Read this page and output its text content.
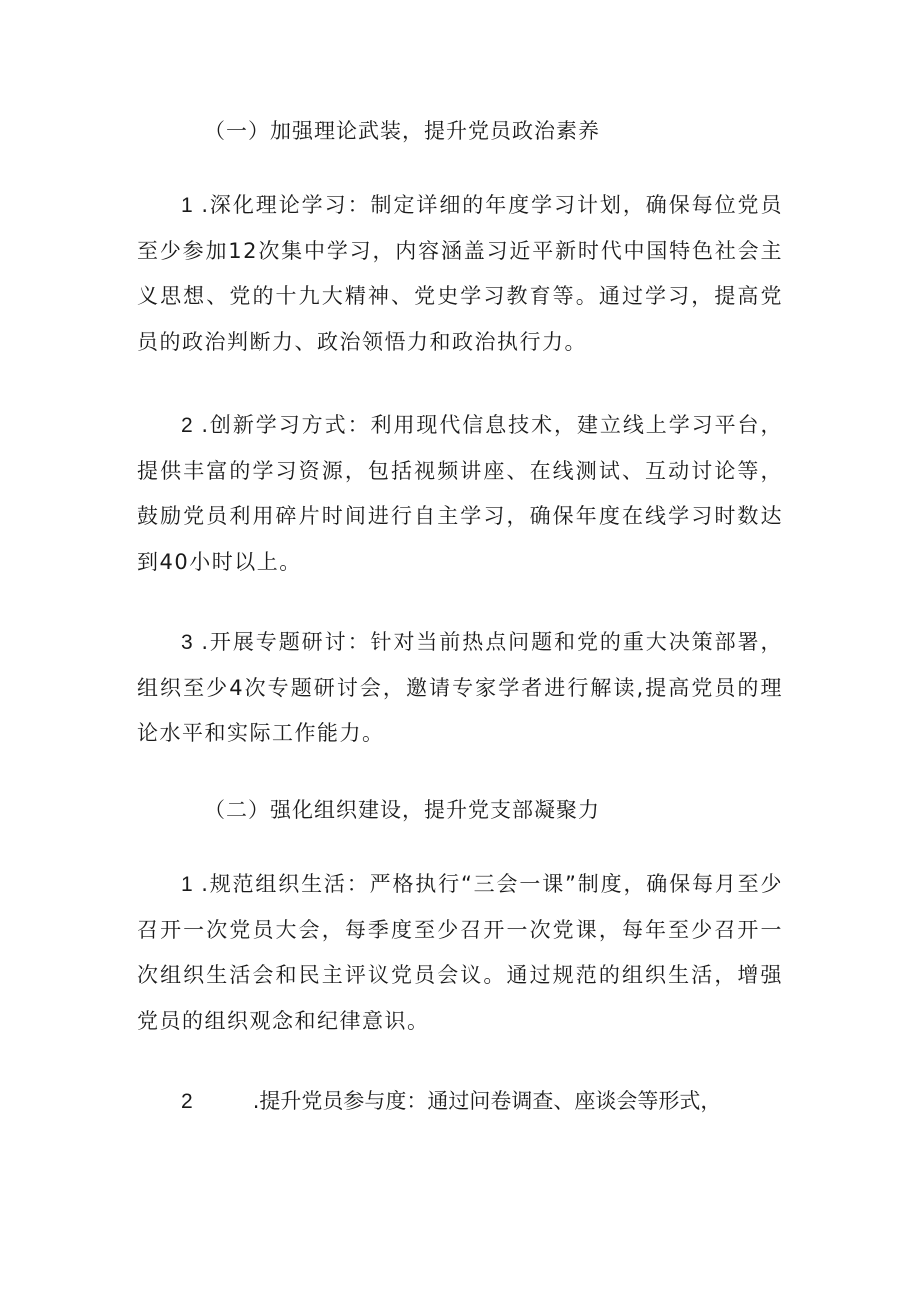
（一）加强理论武装，提升党员政治素养

1 .深化理论学习：制定详细的年度学习计划，确保每位党员至少参加12次集中学习，内容涵盖习近平新时代中国特色社会主义思想、党的十九大精神、党史学习教育等。通过学习，提高党员的政治判断力、政治领悟力和政治执行力。

2 .创新学习方式：利用现代信息技术，建立线上学习平台，提供丰富的学习资源，包括视频讲座、在线测试、互动讨论等，鼓励党员利用碎片时间进行自主学习，确保年度在线学习时数达到40小时以上。

3 .开展专题研讨：针对当前热点问题和党的重大决策部署，组织至少4次专题研讨会，邀请专家学者进行解读,提高党员的理论水平和实际工作能力。

（二）强化组织建设，提升党支部凝聚力

1 .规范组织生活：严格执行“三会一课”制度，确保每月至少召开一次党员大会，每季度至少召开一次党课，每年至少召开一次组织生活会和民主评议党员会议。通过规范的组织生活，增强党员的组织观念和纪律意识。

2	.提升党员参与度：通过问卷调查、座谈会等形式，
